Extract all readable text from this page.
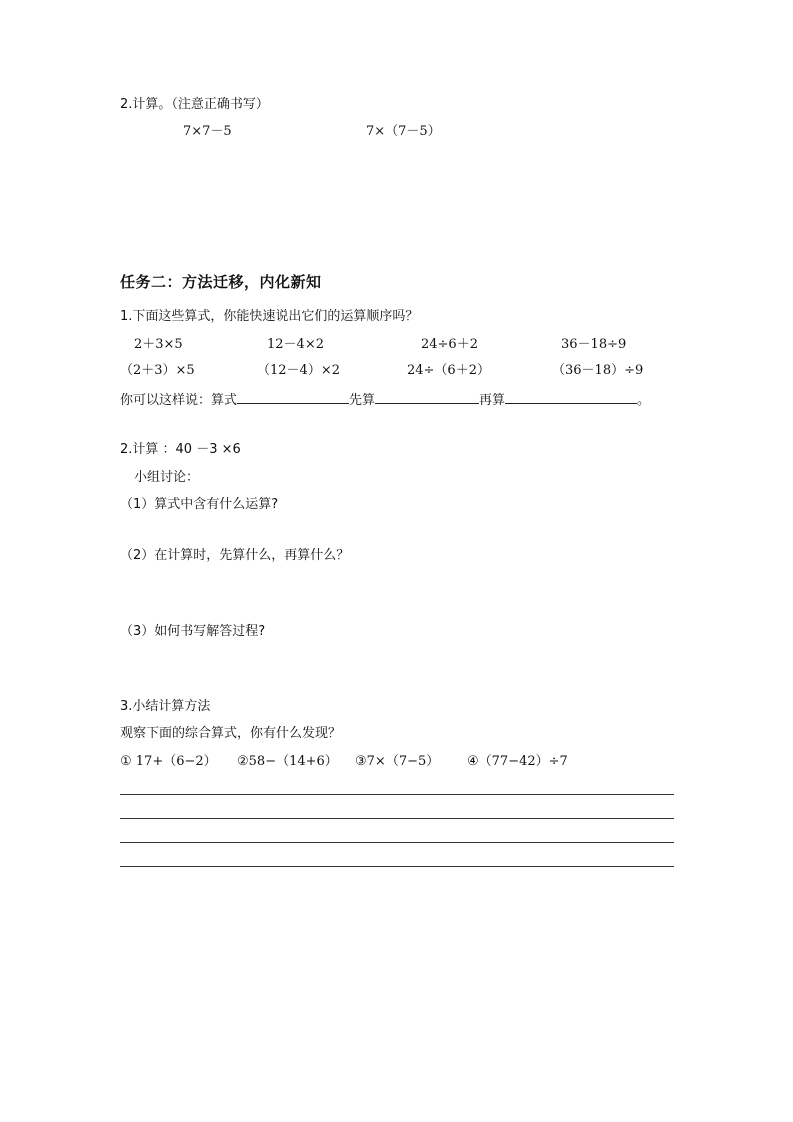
2.计算。（注意正确书写）
7×7－5	7×（7－5）
任务二：方法迁移，内化新知
1.下面这些算式，你能快速说出它们的运算顺序吗？
2＋3×5	12－4×2	24÷6＋2	36－18÷9
（2＋3）×5	（12－4）×2	24÷（6＋2）	（36－18）÷9
你可以这样说：算式	先算	再算	。
2.计算 ：40 －3 ×6
小组讨论：
（1）算式中含有什么运算?
（2）在计算时，先算什么，再算什么？
（3）如何书写解答过程?
3.小结计算方法
观察下面的综合算式，你有什么发现？
① 17+（6−2） ②58−（14+6） ③7×（7−5） ④（77−42）÷7
